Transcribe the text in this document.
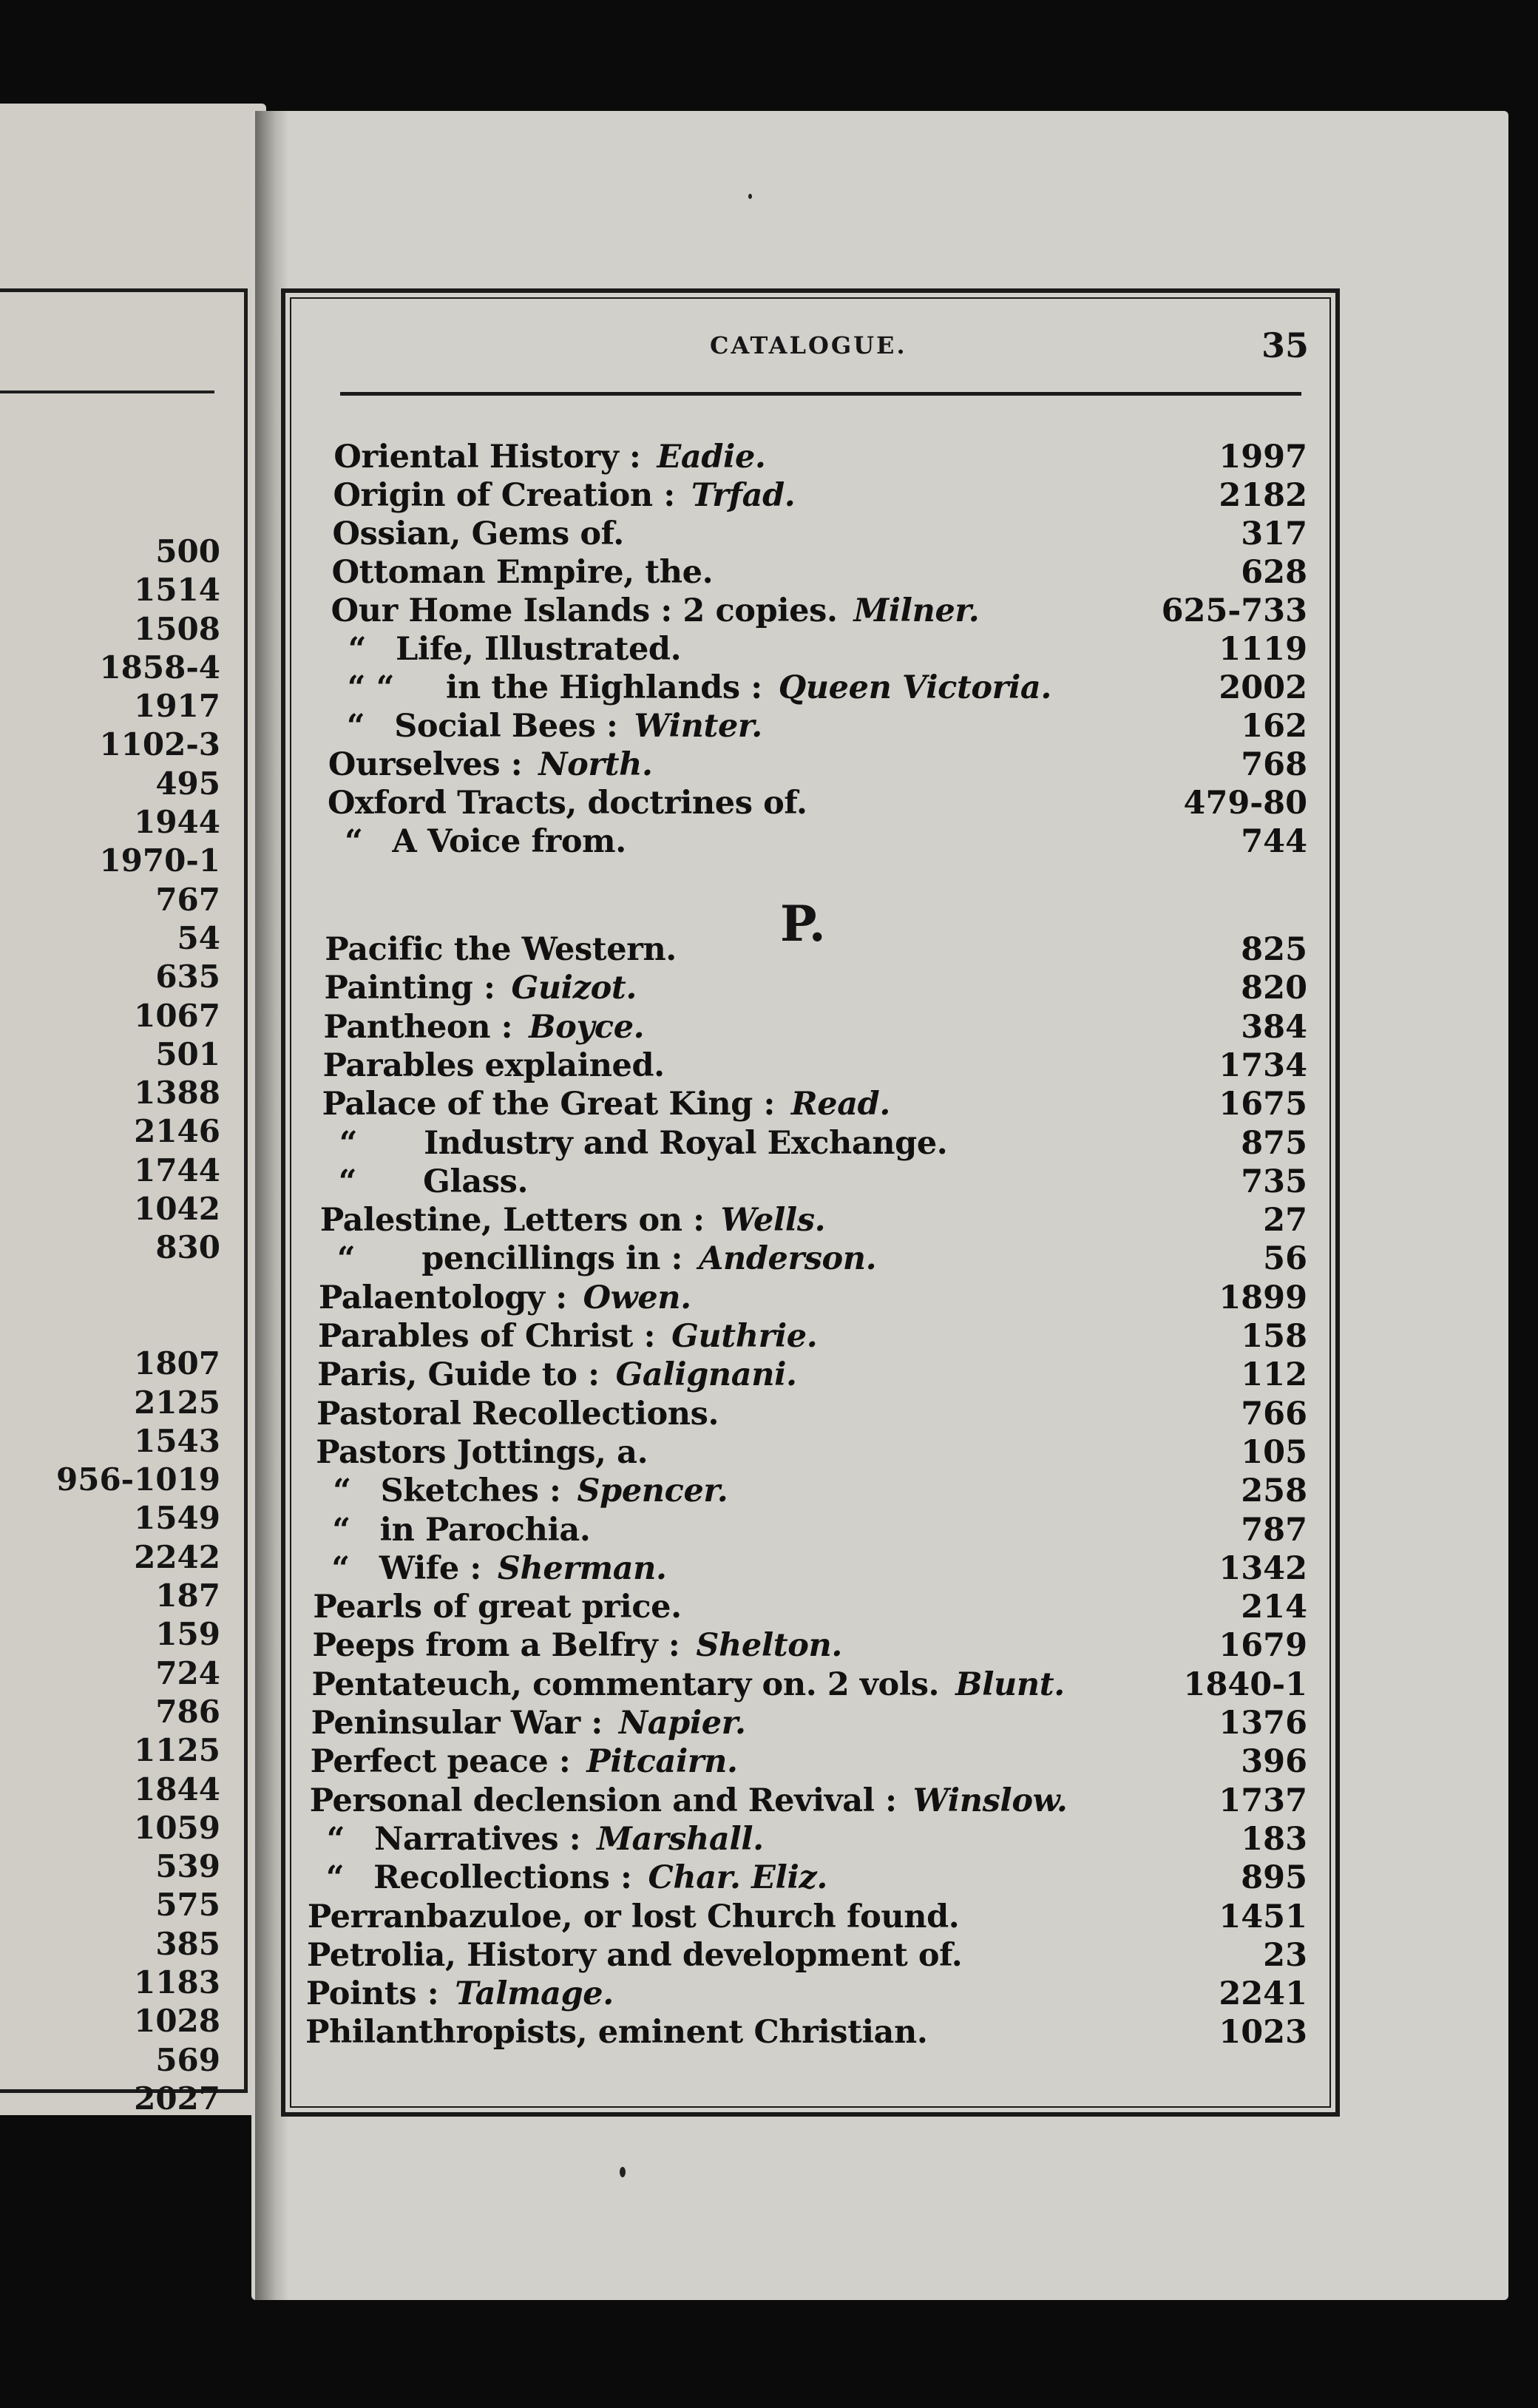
500
1514
1508
1858-4
1917
1102-3
495
1944
1970-1
767
54
635
1067
501
1388
2146
1744
1042
830

1807
2125
1543
956-1019
1549
2242
187
159
724
786
1125
1844
1059
539
575
385
1183
1028
569
2027
CATALOGUE.	35
Oriental History : Eadie.	1997
Origin of Creation : Trfad.	2182
Ossian, Gems of.	317
Ottoman Empire, the.	628
Our Home Islands : 2 copies. Milner.	625-733
“ Life, Illustrated.	1119
“ “ in the Highlands : Queen Victoria.	2002
“ Social Bees : Winter.	162
Ourselves : North.	768
Oxford Tracts, doctrines of.	479-80
“ A Voice from.	744
P.
Pacific the Western.	825
Painting : Guizot.	820
Pantheon : Boyce.	384
Parables explained.	1734
Palace of the Great King : Read.	1675
“ Industry and Royal Exchange.	875
“ Glass.	735
Palestine, Letters on : Wells.	27
“ pencillings in : Anderson.	56
Palaentology : Owen.	1899
Parables of Christ : Guthrie.	158
Paris, Guide to : Galignani.	112
Pastoral Recollections.	766
Pastors Jottings, a.	105
“ Sketches : Spencer.	258
“ in Parochia.	787
“ Wife : Sherman.	1342
Pearls of great price.	214
Peeps from a Belfry : Shelton.	1679
Pentateuch, commentary on. 2 vols. Blunt.	1840-1
Peninsular War : Napier.	1376
Perfect peace : Pitcairn.	396
Personal declension and Revival : Winslow.	1737
“ Narratives : Marshall.	183
“ Recollections : Char. Eliz.	895
Perranbazuloe, or lost Church found.	1451
Petrolia, History and development of.	23
Points : Talmage.	2241
Philanthropists, eminent Christian.	1023
